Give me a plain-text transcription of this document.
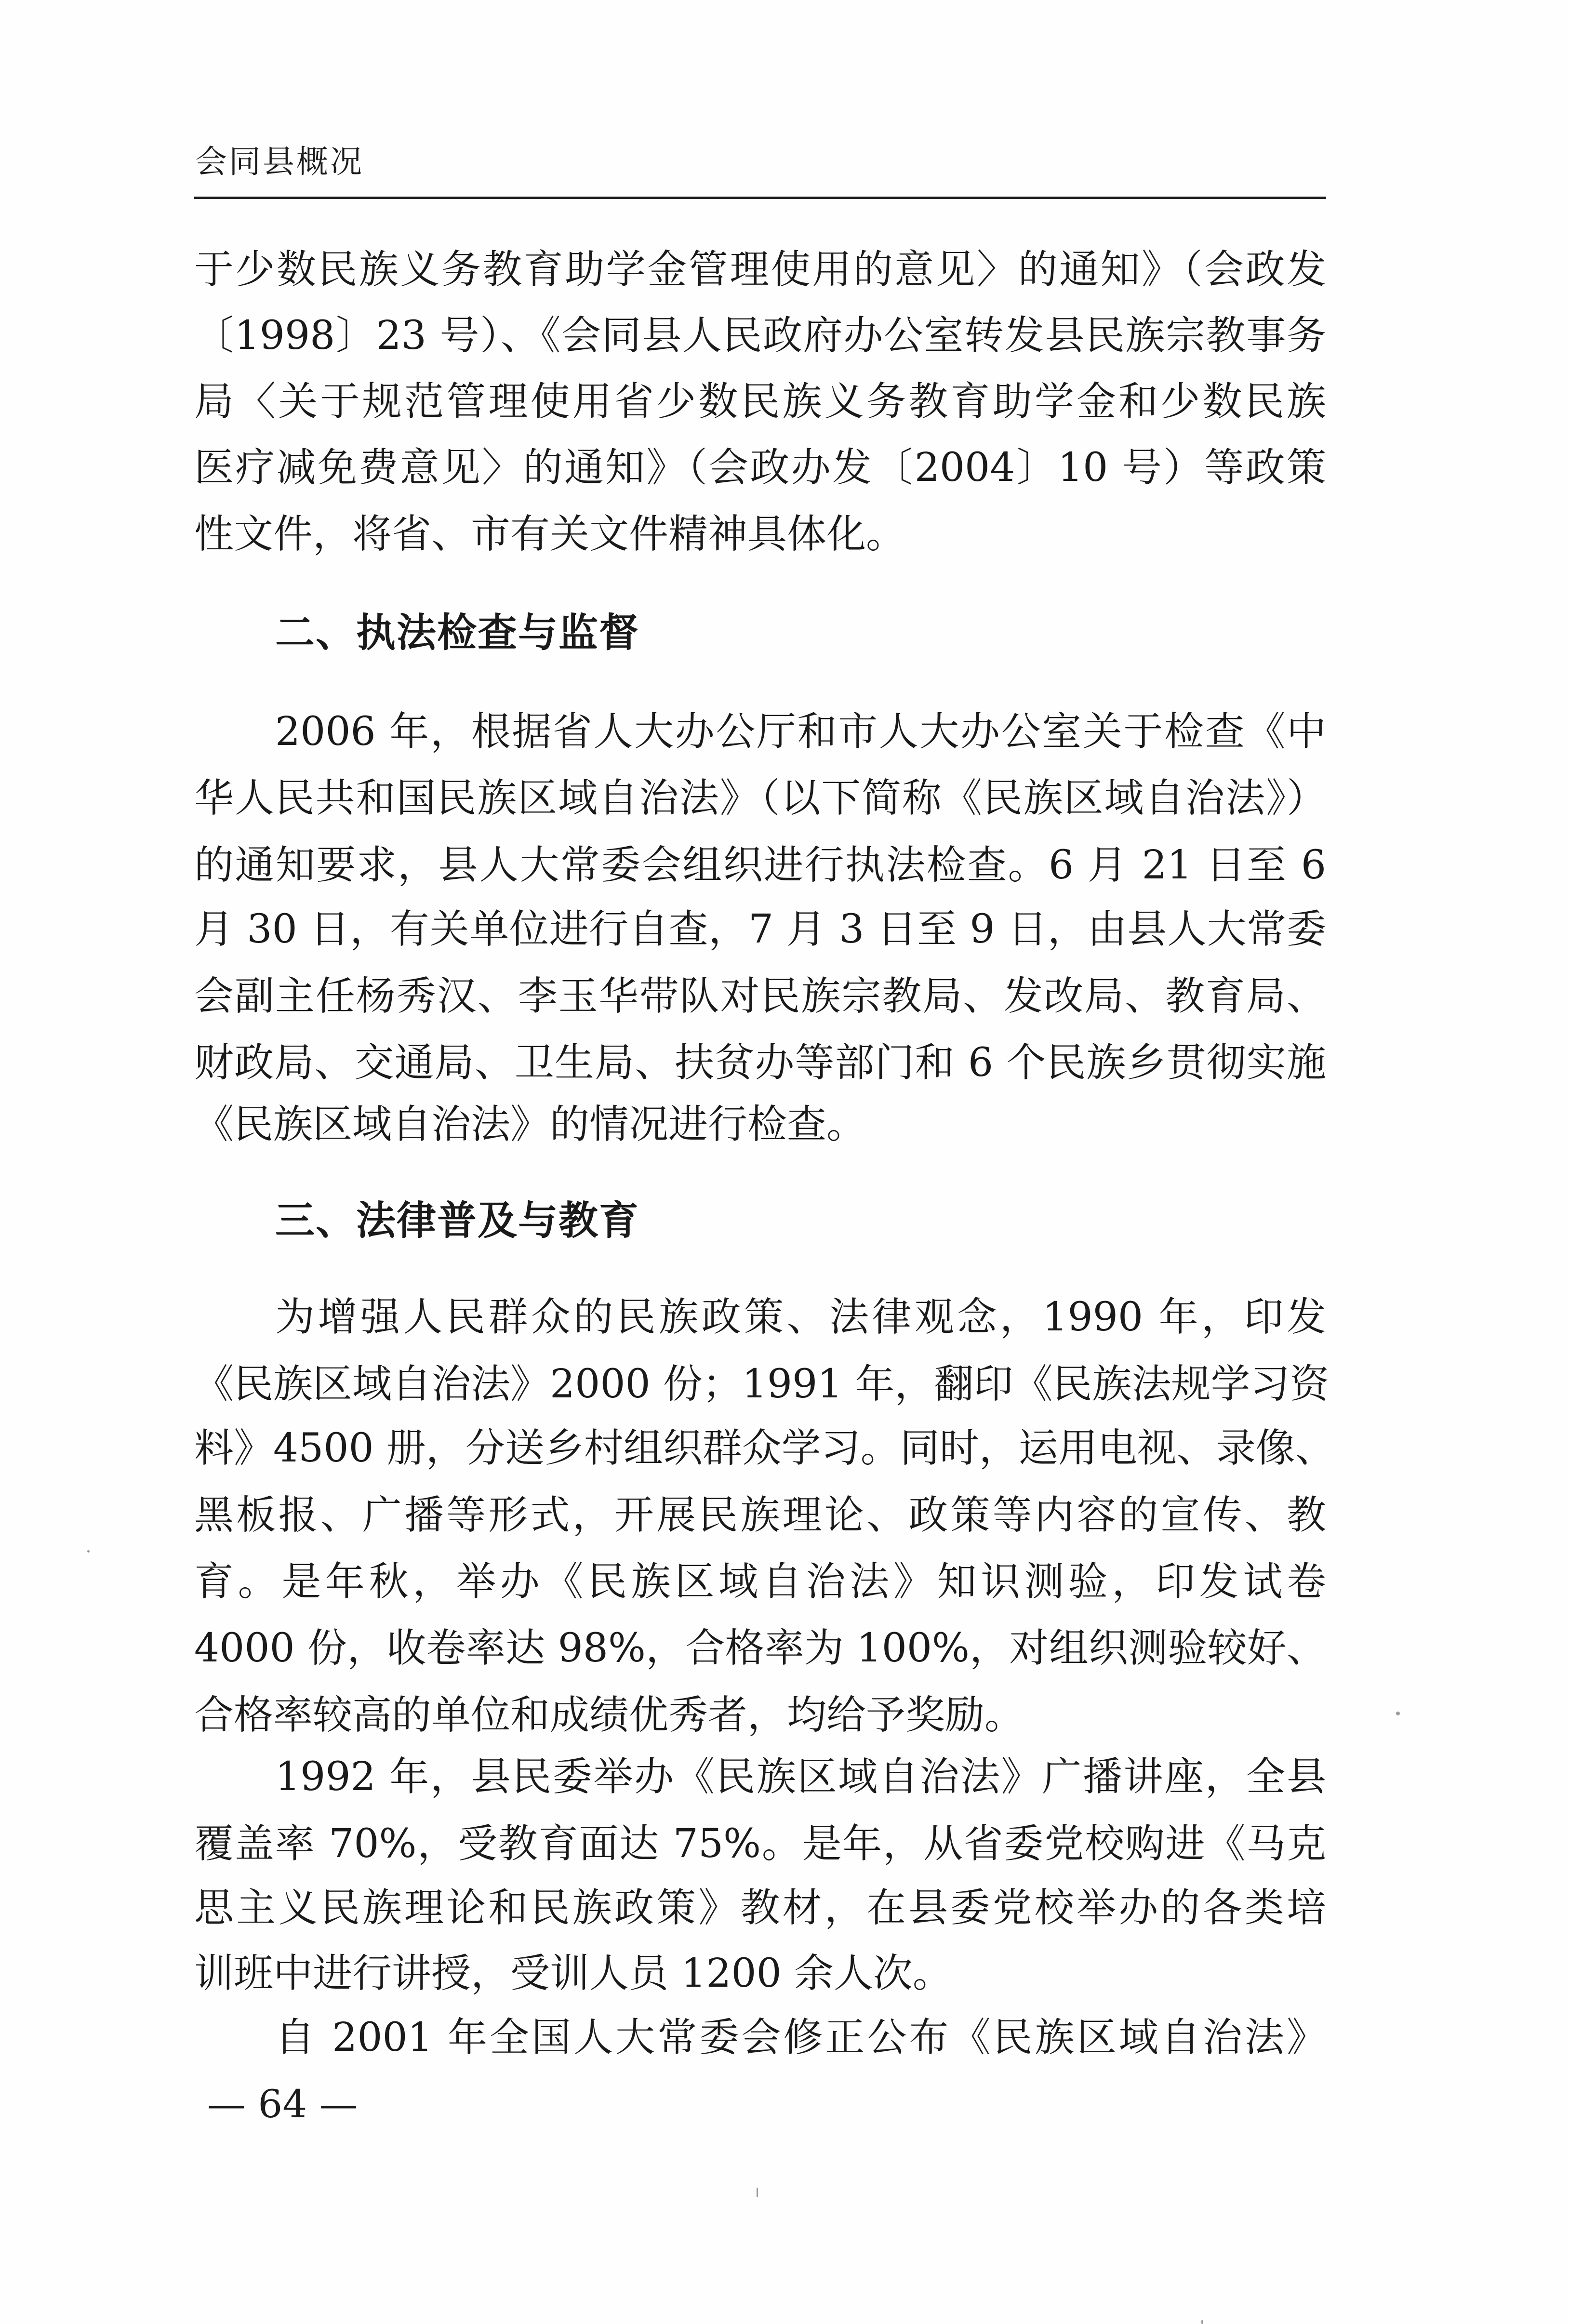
会同县概况
于少数民族义务教育助学金管理使用的意见〉的通知》（会政发
〔1998〕23 号）、《会同县人民政府办公室转发县民族宗教事务
局〈关于规范管理使用省少数民族义务教育助学金和少数民族
医疗减免费意见〉的通知》（会政办发〔2004〕10 号）等政策
性文件，将省、市有关文件精神具体化。
二、执法检查与监督
2006 年，根据省人大办公厅和市人大办公室关于检查《中
华人民共和国民族区域自治法》（以下简称《民族区域自治法》）
的通知要求，县人大常委会组织进行执法检查。6 月 21 日至 6
月 30 日，有关单位进行自查，7 月 3 日至 9 日，由县人大常委
会副主任杨秀汉、李玉华带队对民族宗教局、发改局、教育局、
财政局、交通局、卫生局、扶贫办等部门和 6 个民族乡贯彻实施
《民族区域自治法》的情况进行检查。
三、法律普及与教育
为增强人民群众的民族政策、法律观念，1990 年，印发
《民族区域自治法》2000 份；1991 年，翻印《民族法规学习资
料》4500 册，分送乡村组织群众学习。同时，运用电视、录像、
黑板报、广播等形式，开展民族理论、政策等内容的宣传、教
育。是年秋，举办《民族区域自治法》知识测验，印发试卷
4000 份，收卷率达 98%，合格率为 100%，对组织测验较好、
合格率较高的单位和成绩优秀者，均给予奖励。
1992 年，县民委举办《民族区域自治法》广播讲座，全县
覆盖率 70%，受教育面达 75%。是年，从省委党校购进《马克
思主义民族理论和民族政策》教材，在县委党校举办的各类培
训班中进行讲授，受训人员 1200 余人次。
自 2001 年全国人大常委会修正公布《民族区域自治法》
— 64 —
